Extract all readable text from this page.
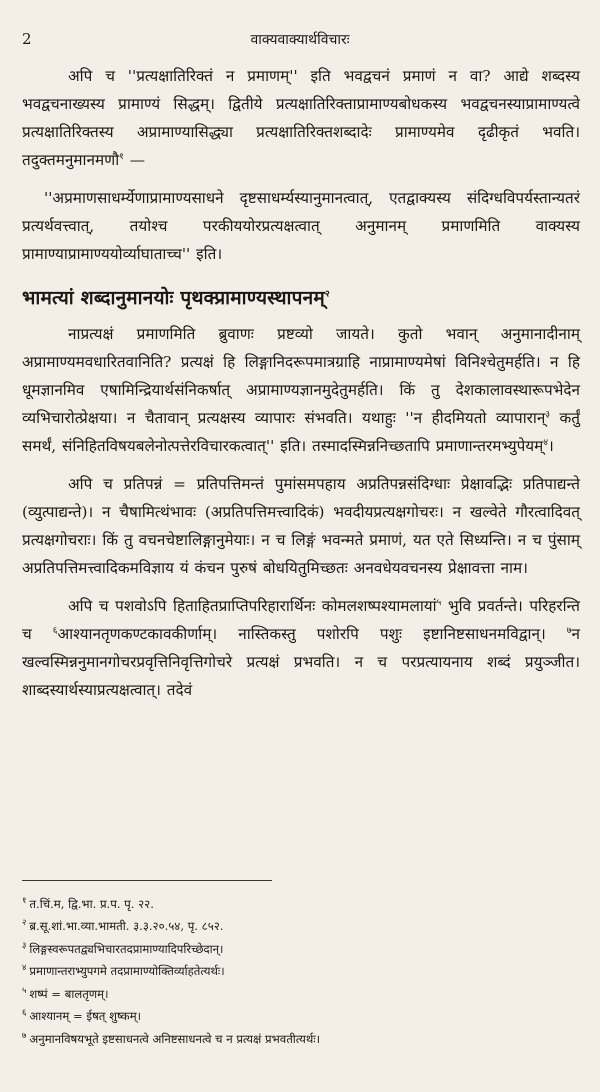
2	वाक्यवाक्यार्थविचारः

अपि च ''प्रत्यक्षातिरिक्तं न प्रमाणम्'' इति भवद्वचनं प्रमाणं न वा? आद्ये शब्दस्य भवद्वचनाख्यस्य प्रामाण्यं सिद्धम्। द्वितीये प्रत्यक्षातिरिक्ताप्रामाण्यबोधकस्य भवद्वचनस्याप्रामाण्यत्वे प्रत्यक्षातिरिक्तस्य अप्रामाण्यासिद्ध्या प्रत्यक्षातिरिक्तशब्दादेः प्रामाण्यमेव दृढीकृतं भवति। तदुक्तमनुमानमणौ$^१$ —

''अप्रमाणसाधर्म्येणाप्रामाण्यसाधने दृष्टसाधर्म्यस्यानुमानत्वात्, एतद्वाक्यस्य संदिग्धविपर्यस्तान्यतरं प्रत्यर्थवत्त्वात्, तयोश्च परकीययोरप्रत्यक्षत्वात् अनुमानम् प्रमाणमिति वाक्यस्य प्रामाण्याप्रामाण्ययोर्व्याघाताच्च'' इति।

भामत्यां शब्दानुमानयोः पृथक्प्रामाण्यस्थापनम्$^२$

नाप्रत्यक्षं प्रमाणमिति ब्रुवाणः प्रष्टव्यो जायते। कुतो भवान् अनुमानादीनाम् अप्रामाण्यमवधारितवानिति? प्रत्यक्षं हि लिङ्गानिदरूपमात्रग्राहि नाप्रामाण्यमेषां विनिश्चेतुमर्हति। न हि धूमज्ञानमिव एषामिन्द्रियार्थसंनिकर्षात् अप्रामाण्यज्ञानमुदेतुमर्हति। किं तु देशकालावस्थारूपभेदेन व्यभिचारोत्प्रेक्षया। न चैतावान् प्रत्यक्षस्य व्यापारः संभवति। यथाहुः ''न हीदमियतो व्यापारान्$^३$ कर्तुं समर्थं, संनिहितविषयबलेनोत्पत्तेरविचारकत्वात्'' इति। तस्मादस्मिन्ननिच्छतापि प्रमाणान्तरमभ्युपेयम्$^४$।

अपि च प्रतिपन्नं = प्रतिपत्तिमन्तं पुमांसमपहाय अप्रतिपन्नसंदिग्धाः प्रेक्षावद्भिः प्रतिपाद्यन्ते (व्युत्पाद्यन्ते)। न चैषामित्थंभावः (अप्रतिपत्तिमत्त्वादिकं) भवदीयप्रत्यक्षगोचरः। न खल्वेते गौरत्वादिवत् प्रत्यक्षगोचराः। किं तु वचनचेष्टालिङ्गानुमेयाः। न च लिङ्गं भवन्मते प्रमाणं, यत एते सिध्यन्ति। न च पुंसाम् अप्रतिपत्तिमत्त्वादिकमविज्ञाय यं कंचन पुरुषं बोधयितुमिच्छतः अनवधेयवचनस्य प्रेक्षावत्ता नाम।

अपि च पशवोऽपि हिताहितप्राप्तिपरिहारार्थिनः कोमलशष्पश्यामलायां$^५$ भुवि प्रवर्तन्ते। परिहरन्ति च $^६$आश्यानतृणकण्टकावकीर्णाम्। नास्तिकस्तु पशोरपि पशुः इष्टानिष्टसाधनमविद्वान्। $^७$न खल्वस्मिन्ननुमानगोचरप्रवृत्तिनिवृत्तिगोचरे प्रत्यक्षं प्रभवति। न च परप्रत्यायनाय शब्दं प्रयुञ्जीत। शाब्दस्यार्थस्याप्रत्यक्षत्वात्। तदेवं

$^१$ त.चिं.म, द्वि.भा. प्र.प. पृ. २२.

$^२$ ब्र.सू.शां.भा.व्या.भामती. ३.३.२०.५४, पृ. ८५२.

$^३$ लिङ्गस्वरूपतद्व्यभिचारतदप्रामाण्यादिपरिच्छेदान्।

$^४$ प्रमाणान्तराभ्युपगमे तदप्रामाण्योक्तिर्व्याहतेत्यर्थः।

$^५$ शष्पं = बालतृणम्।

$^६$ आश्यानम् = ईषत् शुष्कम्।

$^७$ अनुमानविषयभूते इष्टसाधनत्वे अनिष्टसाधनत्वे च न प्रत्यक्षं प्रभवतीत्यर्थः।
